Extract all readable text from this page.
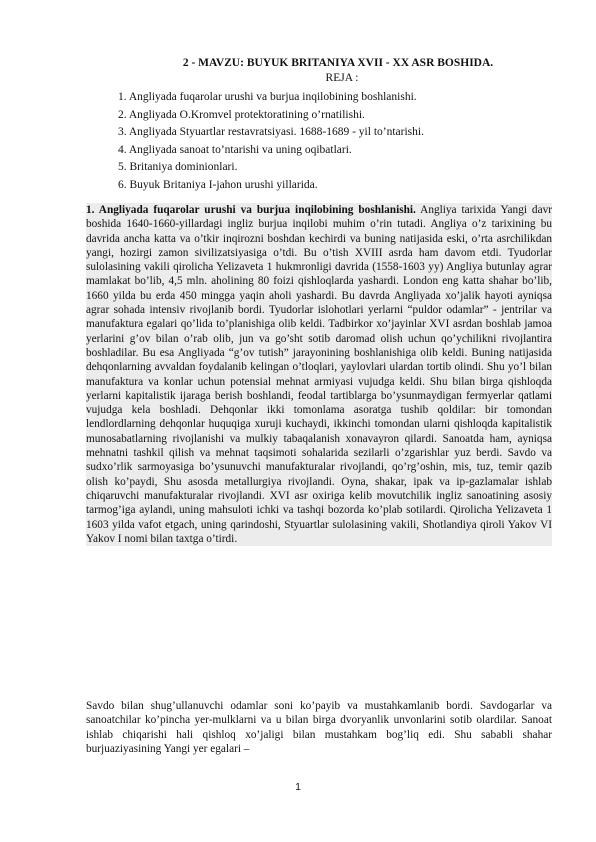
2 - MAVZU: BUYUK BRITANIYA XVII - XX ASR BOSHIDA.
REJA :
1. Angliyada fuqarolar urushi va burjua inqilobining boshlanishi.
2. Angliyada O.Kromvel protektoratining o’rnatilishi.
3. Angliyada Styuartlar restavratsiyasi. 1688-1689 - yil to’ntarishi.
4. Angliyada sanoat to’ntarishi va uning oqibatlari.
5. Britaniya dominionlari.
6. Buyuk Britaniya I-jahon urushi yillarida.

1. Angliyada fuqarolar urushi va burjua inqilobining boshlanishi. Angliya tarixida Yangi davr boshida 1640-1660-yillardagi ingliz burjua inqilobi muhim o’rin tutadi. Angliya o’z tarixining bu davrida ancha katta va o’tkir inqirozni boshdan kechirdi va buning natijasida eski, o’rta asrchilikdan yangi, hozirgi zamon sivilizatsiyasiga o’tdi. Bu o’tish XVIII asrda ham davom etdi. Tyudorlar sulolasining vakili qirolicha Yelizaveta 1 hukmronligi davrida (1558-1603 yy) Angliya butunlay agrar mamlakat bo’lib, 4,5 mln. aholining 80 foizi qishloqlarda yashardi. London eng katta shahar bo’lib, 1660 yilda bu erda 450 mingga yaqin aholi yashardi. Bu davrda Angliyada xo’jalik hayoti ayniqsa agrar sohada intensiv rivojlanib bordi. Tyudorlar islohotlari yerlarni “puldor odamlar” - jentrilar va manufaktura egalari qo’lida to’planishiga olib keldi. Tadbirkor xo’jayinlar XVI asrdan boshlab jamoa yerlarini g’ov bilan o’rab olib, jun va go’sht sotib daromad olish uchun qo’ychilikni rivojlantira boshladilar. Bu esa Angliyada “g’ov tutish” jarayonining boshlanishiga olib keldi. Buning natijasida dehqonlarning avvaldan foydalanib kelingan o’tloqlari, yaylovlari ulardan tortib olindi. Shu yo’l bilan manufaktura va konlar uchun potensial mehnat armiyasi vujudga keldi. Shu bilan birga qishloqda yerlarni kapitalistik ijaraga berish boshlandi, feodal tartiblarga bo’ysunmaydigan fermyerlar qatlami vujudga kela boshladi. Dehqonlar ikki tomonlama asoratga tushib qoldilar: bir tomondan lendlordlarning dehqonlar huquqiga xuruji kuchaydi, ikkinchi tomondan ularni qishloqda kapitalistik munosabatlarning rivojlanishi va mulkiy tabaqalanish xonavayron qilardi. Sanoatda ham, ayniqsa mehnatni tashkil qilish va mehnat taqsimoti sohalarida sezilarli o’zgarishlar yuz berdi. Savdo va sudxo’rlik sarmoyasiga bo’ysunuvchi manufakturalar rivojlandi, qo’rg’oshin, mis, tuz, temir qazib olish ko’paydi, Shu asosda metallurgiya rivojlandi. Oyna, shakar, ipak va ip-gazlamalar ishlab chiqaruvchi manufakturalar rivojlandi. XVI asr oxiriga kelib movutchilik ingliz sanoatining asosiy tarmog’iga aylandi, uning mahsuloti ichki va tashqi bozorda ko’plab sotilardi. Qirolicha Yelizaveta 1 1603 yilda vafot etgach, uning qarindoshi, Styuartlar sulolasining vakili, Shotlandiya qiroli Yakov VI Yakov I nomi bilan taxtga o’tirdi.

Savdo bilan shug’ullanuvchi odamlar soni ko’payib va mustahkamlanib bordi. Savdogarlar va sanoatchilar ko’pincha yer-mulklarni va u bilan birga dvoryanlik unvonlarini sotib olardilar. Sanoat ishlab chiqarishi hali qishloq xo’jaligi bilan mustahkam bog’liq edi. Shu sababli shahar burjuaziyasining Yangi yer egalari –

1
